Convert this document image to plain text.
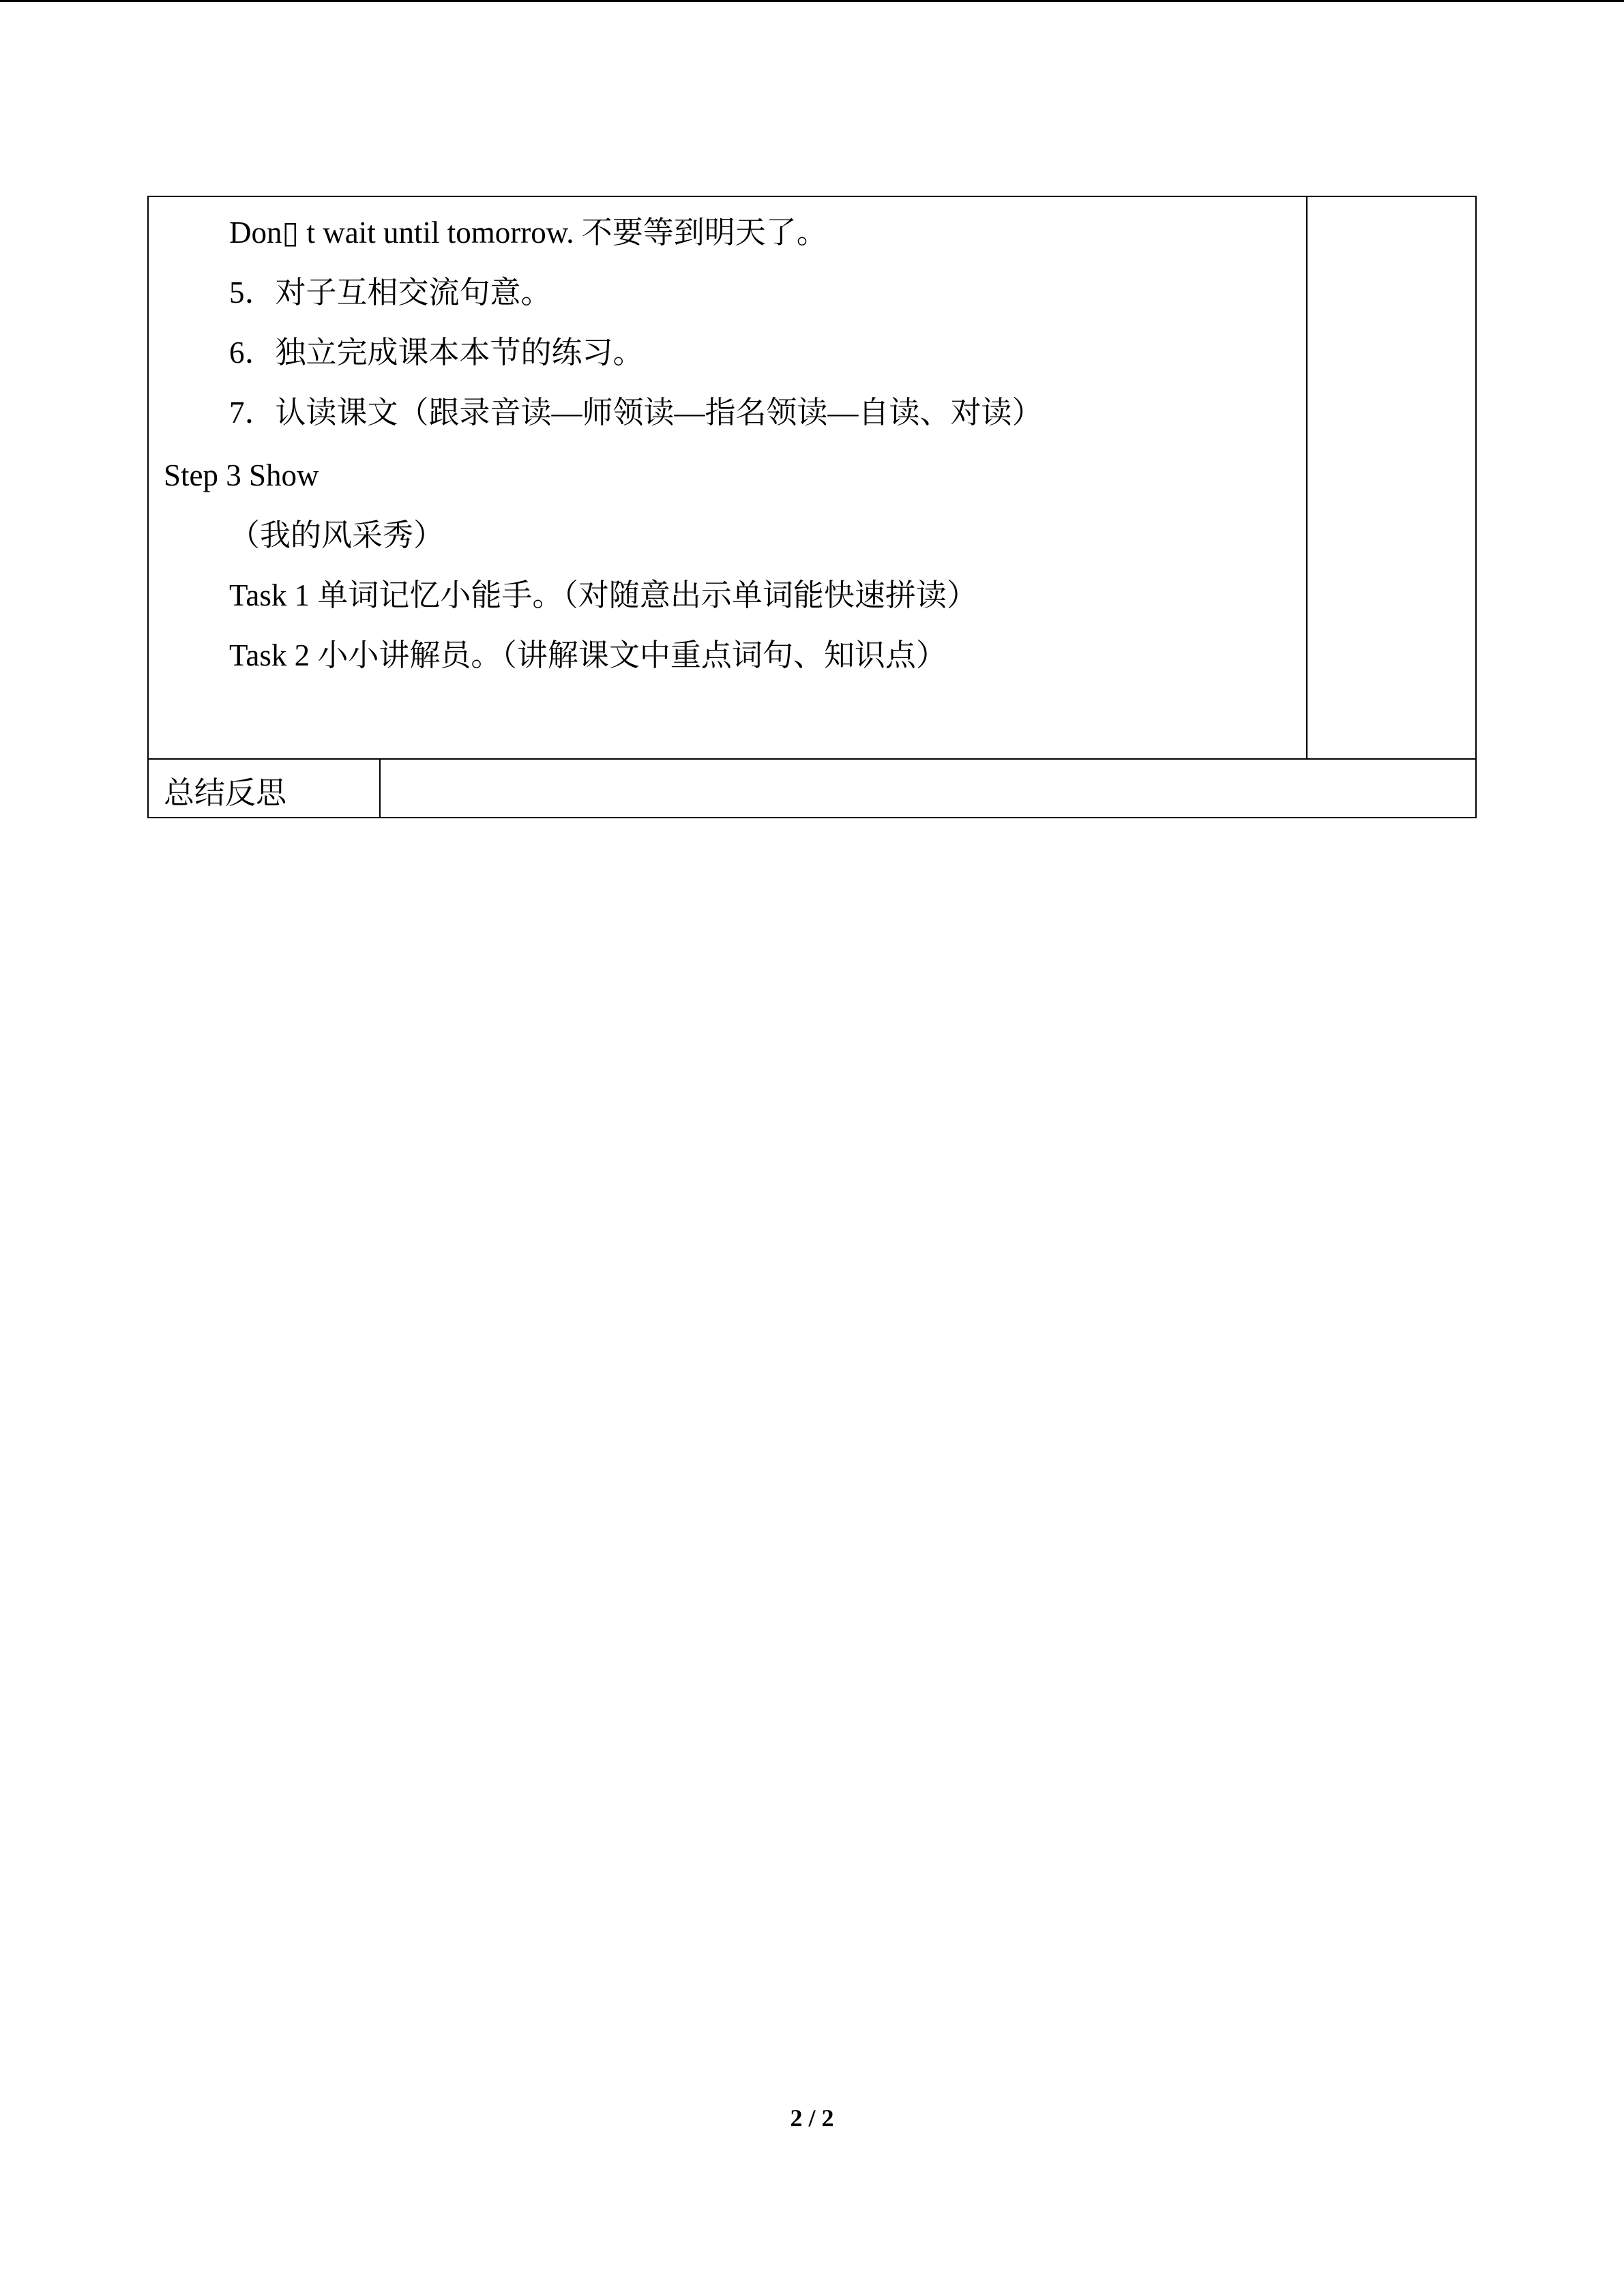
Don▯ t wait until tomorrow. 不要等到明天了。
5．对子互相交流句意。
6．独立完成课本本节的练习。
7．认读课文（跟录音读—师领读—指名领读—自读、对读）
Step 3 Show
（我的风采秀）
Task 1 单词记忆小能手。（对随意出示单词能快速拼读）
Task 2 小小讲解员。（讲解课文中重点词句、知识点）
总结反思
2 / 2
